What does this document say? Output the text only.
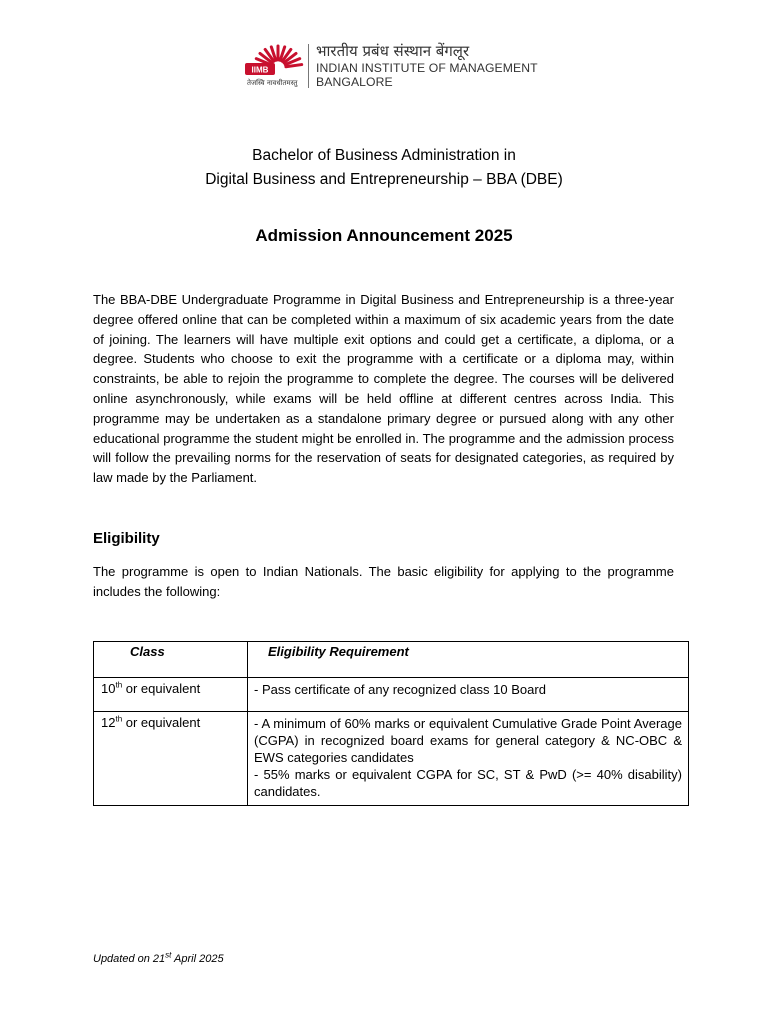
IIMB
तेजस्वि नावधीतमस्तु
भारतीय प्रबंध संस्थान बेंगलूर
INDIAN INSTITUTE OF MANAGEMENT
BANGALORE
Bachelor of Business Administration in
Digital Business and Entrepreneurship – BBA (DBE)
Admission Announcement 2025
The BBA-DBE Undergraduate Programme in Digital Business and Entrepreneurship is a three-year degree offered online that can be completed within a maximum of six academic years from the date of joining. The learners will have multiple exit options and could get a certificate, a diploma, or a degree. Students who choose to exit the programme with a certificate or a diploma may, within constraints, be able to rejoin the programme to complete the degree. The courses will be delivered online asynchronously, while exams will be held offline at different centres across India. This programme may be undertaken as a standalone primary degree or pursued along with any other educational programme the student might be enrolled in. The programme and the admission process will follow the prevailing norms for the reservation of seats for designated categories, as required by law made by the Parliament.
Eligibility
The programme is open to Indian Nationals. The basic eligibility for applying to the programme includes the following:
Class	Eligibility Requirement
10th or equivalent	- Pass certificate of any recognized class 10 Board

12th or equivalent	- A minimum of 60% marks or equivalent Cumulative Grade Point Average (CGPA) in recognized board exams for general category & NC-OBC & EWS categories candidates
- 55% marks or equivalent CGPA for SC, ST & PwD (>= 40% disability) candidates.
Updated on 21st April 2025
